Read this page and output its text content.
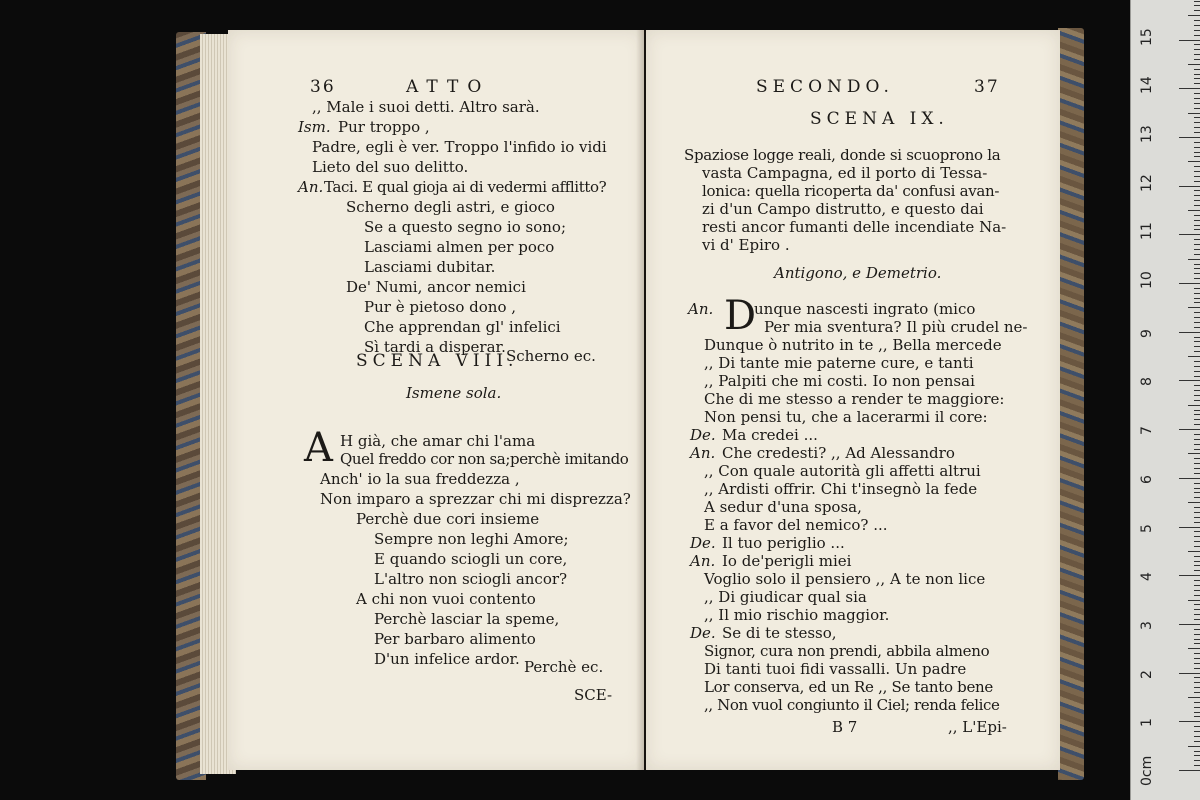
36	ATTO
,, Male i suoi detti. Altro sarà.
Ism. Pur troppo ,
Padre, egli è ver. Troppo l'infido io vidi
Lieto del suo delitto.
An. Taci. E qual gioja ai di vedermi afflitto?
Scherno degli astri, e gioco
Se a questo segno io sono;
Lasciami almen per poco
Lasciami dubitar.
De' Numi, ancor nemici
Pur è pietoso dono ,
Che apprendan gl' infelici
Sì tardi a disperar. Scherno ec.
SCENA VIII.
Ismene sola.
A H già, che amar chi l'ama
Quel freddo cor non sa;perchè imitando
Anch' io la sua freddezza ,
Non imparo a sprezzar chi mi disprezza?
Perchè due cori insieme
Sempre non leghi Amore;
E quando sciogli un core,
L'altro non sciogli ancor?
A chi non vuoi contento
Perchè lasciar la speme,
Per barbaro alimento
D'un infelice ardor. Perchè ec.
SCE-
SECONDO.	37
SCENA IX.
Spaziose logge reali, donde si scuoprono la
vasta Campagna, ed il porto di Tessa-
lonica: quella ricoperta da' confusi avan-
zi d'un Campo distrutto, e questo dai
resti ancor fumanti delle incendiate Na-
vi d' Epiro .
Antigono, e Demetrio.
D
An.	unque nascesti ingrato (mico
Per mia sventura? Il più crudel ne-
Dunque ò nutrito in te ,, Bella mercede
,, Di tante mie paterne cure, e tanti
,, Palpiti che mi costi. Io non pensai
Che di me stesso a render te maggiore:
Non pensi tu, che a lacerarmi il core:
De. Ma credei ...
An. Che credesti? ,, Ad Alessandro
,, Con quale autorità gli affetti altrui
,, Ardisti offrir. Chi t'insegnò la fede
A sedur d'una sposa,
E a favor del nemico? ...
De. Il tuo periglio ...
An. Io de'perigli miei
Voglio solo il pensiero ,, A te non lice
,, Di giudicar qual sia
,, Il mio rischio maggior.
De. Se di te stesso,
Signor, cura non prendi, abbila almeno
Di tanti tuoi fidi vassalli. Un padre
Lor conserva, ed un Re ,, Se tanto bene
,, Non vuol congiunto il Ciel; renda felice
B 7	,, L'Epi-
0cm
1
2
3
4
5
6
7
8
9
10
11
12
13
14
15
